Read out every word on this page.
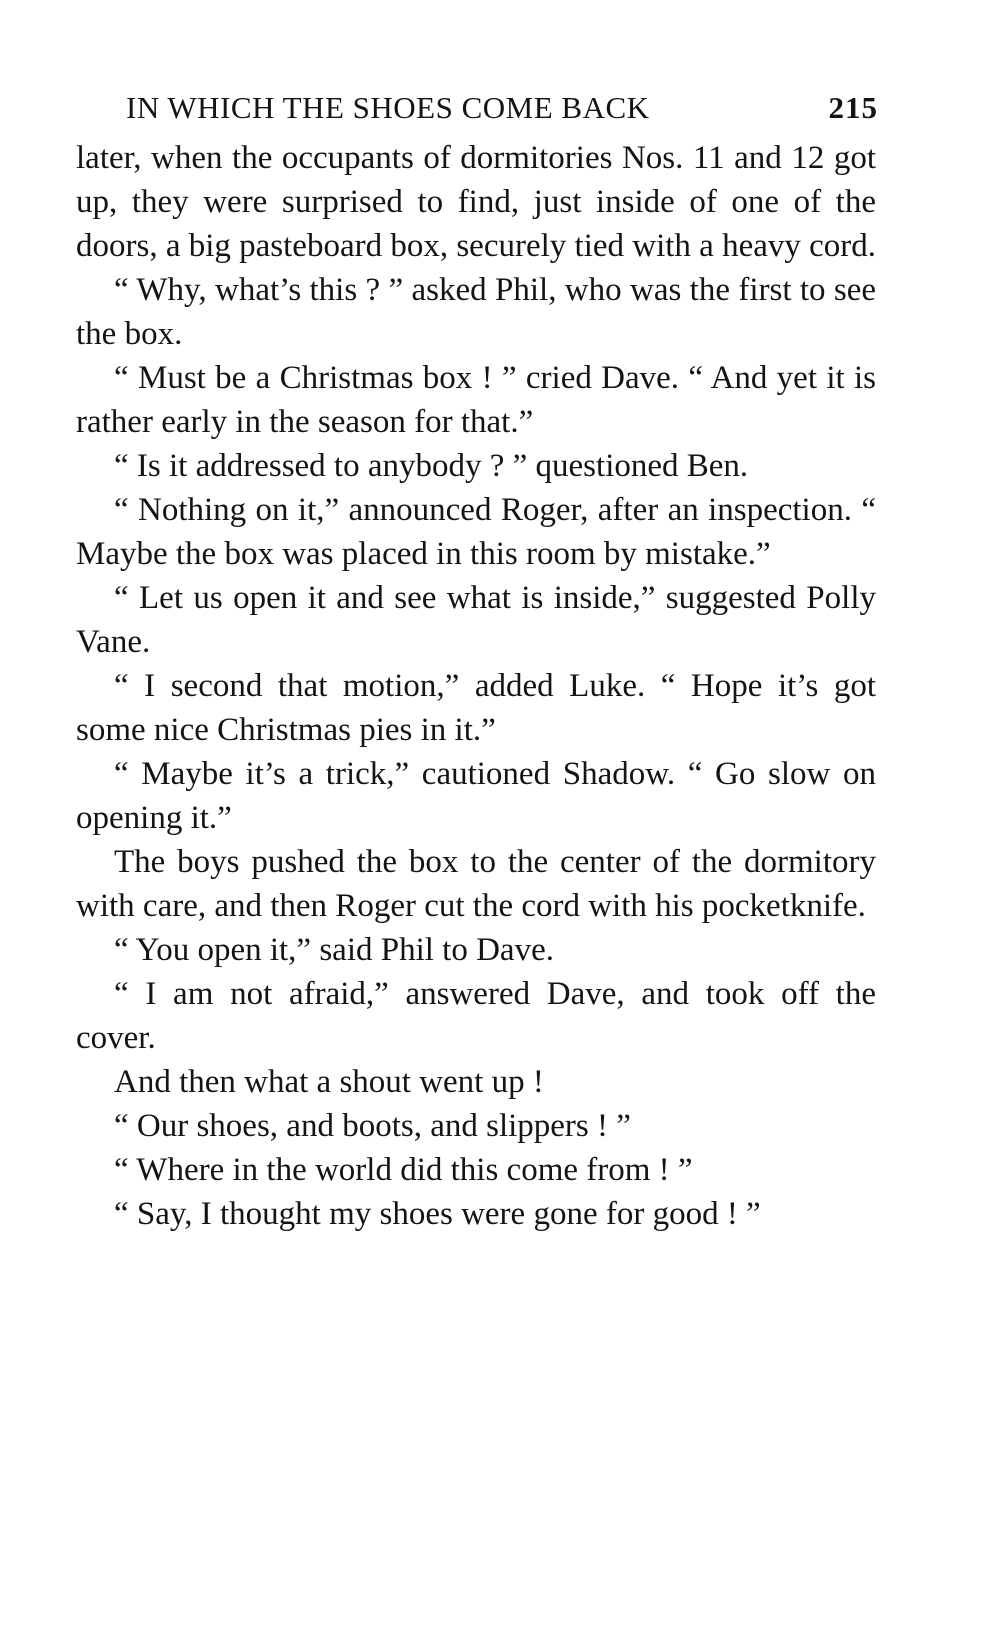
IN WHICH THE SHOES COME BACK	215

later, when the occupants of dormitories Nos. 11 and 12 got up, they were surprised to find, just inside of one of the doors, a big pasteboard box, securely tied with a heavy cord.

“ Why, what’s this ? ” asked Phil, who was the first to see the box.

“ Must be a Christmas box ! ” cried Dave. “ And yet it is rather early in the season for that.”

“ Is it addressed to anybody ? ” questioned Ben.

“ Nothing on it,” announced Roger, after an inspection. “ Maybe the box was placed in this room by mistake.”

“ Let us open it and see what is inside,” suggested Polly Vane.

“ I second that motion,” added Luke. “ Hope it’s got some nice Christmas pies in it.”

“ Maybe it’s a trick,” cautioned Shadow. “ Go slow on opening it.”

The boys pushed the box to the center of the dormitory with care, and then Roger cut the cord with his pocketknife.

“ You open it,” said Phil to Dave.

“ I am not afraid,” answered Dave, and took off the cover.

And then what a shout went up !

“ Our shoes, and boots, and slippers ! ”

“ Where in the world did this come from ! ”

“ Say, I thought my shoes were gone for good ! ”
